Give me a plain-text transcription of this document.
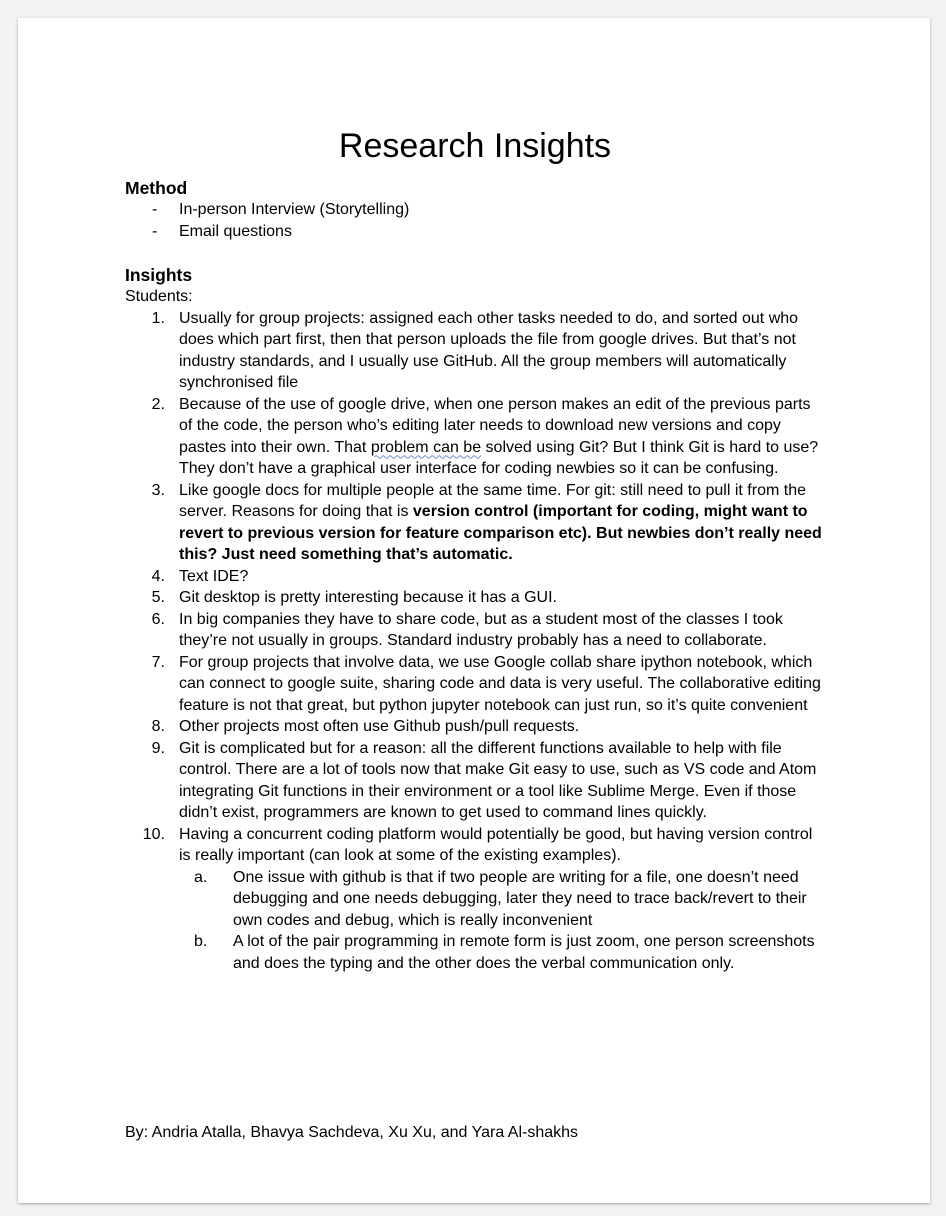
Research Insights
Method
- In-person Interview (Storytelling)
- Email questions
Insights
Students:
1. Usually for group projects: assigned each other tasks needed to do, and sorted out who does which part first, then that person uploads the file from google drives. But that’s not industry standards, and I usually use GitHub. All the group members will automatically synchronised file
2. Because of the use of google drive, when one person makes an edit of the previous parts of the code, the person who’s editing later needs to download new versions and copy pastes into their own. That problem can be solved using Git? But I think Git is hard to use? They don’t have a graphical user interface for coding newbies so it can be confusing.
3. Like google docs for multiple people at the same time. For git: still need to pull it from the server. Reasons for doing that is version control (important for coding, might want to revert to previous version for feature comparison etc). But newbies don’t really need this? Just need something that’s automatic.
4. Text IDE?
5. Git desktop is pretty interesting because it has a GUI.
6. In big companies they have to share code, but as a student most of the classes I took they’re not usually in groups. Standard industry probably has a need to collaborate.
7. For group projects that involve data, we use Google collab share ipython notebook, which can connect to google suite, sharing code and data is very useful. The collaborative editing feature is not that great, but python jupyter notebook can just run, so it’s quite convenient
8. Other projects most often use Github push/pull requests.
9. Git is complicated but for a reason: all the different functions available to help with file control. There are a lot of tools now that make Git easy to use, such as VS code and Atom integrating Git functions in their environment or a tool like Sublime Merge. Even if those didn’t exist, programmers are known to get used to command lines quickly.
10. Having a concurrent coding platform would potentially be good, but having version control is really important (can look at some of the existing examples).
a.	One issue with github is that if two people are writing for a file, one doesn’t need debugging and one needs debugging, later they need to trace back/revert to their own codes and debug, which is really inconvenient
b.	A lot of the pair programming in remote form is just zoom, one person screenshots and does the typing and the other does the verbal communication only.
By: Andria Atalla, Bhavya Sachdeva, Xu Xu, and Yara Al-shakhs
